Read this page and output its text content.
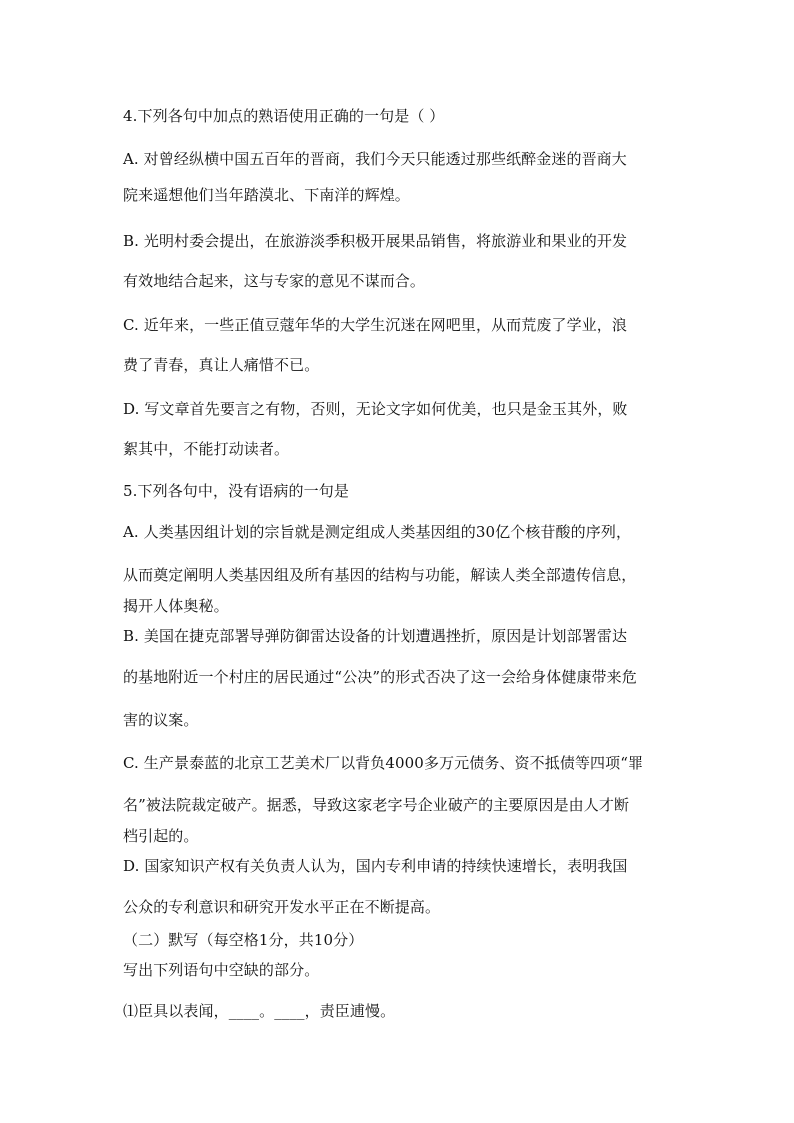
4.下列各句中加点的熟语使用正确的一句是（ ）
A. 对曾经纵横中国五百年的晋商，我们今天只能透过那些纸醉金迷的晋商大
院来遥想他们当年踏漠北、下南洋的辉煌。
B. 光明村委会提出，在旅游淡季积极开展果品销售，将旅游业和果业的开发
有效地结合起来，这与专家的意见不谋而合。
C. 近年来，一些正值豆蔻年华的大学生沉迷在网吧里，从而荒废了学业，浪
费了青春，真让人痛惜不已。
D. 写文章首先要言之有物，否则，无论文字如何优美，也只是金玉其外，败
絮其中，不能打动读者。
5.下列各句中，没有语病的一句是
A. 人类基因组计划的宗旨就是测定组成人类基因组的30亿个核苷酸的序列，
从而奠定阐明人类基因组及所有基因的结构与功能，解读人类全部遗传信息，
揭开人体奥秘。
B. 美国在捷克部署导弹防御雷达设备的计划遭遇挫折，原因是计划部署雷达
的基地附近一个村庄的居民通过“公决”的形式否决了这一会给身体健康带来危
害的议案。
C. 生产景泰蓝的北京工艺美术厂以背负4000多万元债务、资不抵债等四项“罪
名”被法院裁定破产。据悉，导致这家老字号企业破产的主要原因是由人才断
档引起的。
D. 国家知识产权有关负责人认为，国内专利申请的持续快速增长，表明我国
公众的专利意识和研究开发水平正在不断提高。
（二）默写（每空格1分，共10分）
写出下列语句中空缺的部分。
⑴臣具以表闻，____。____，责臣逋慢。
